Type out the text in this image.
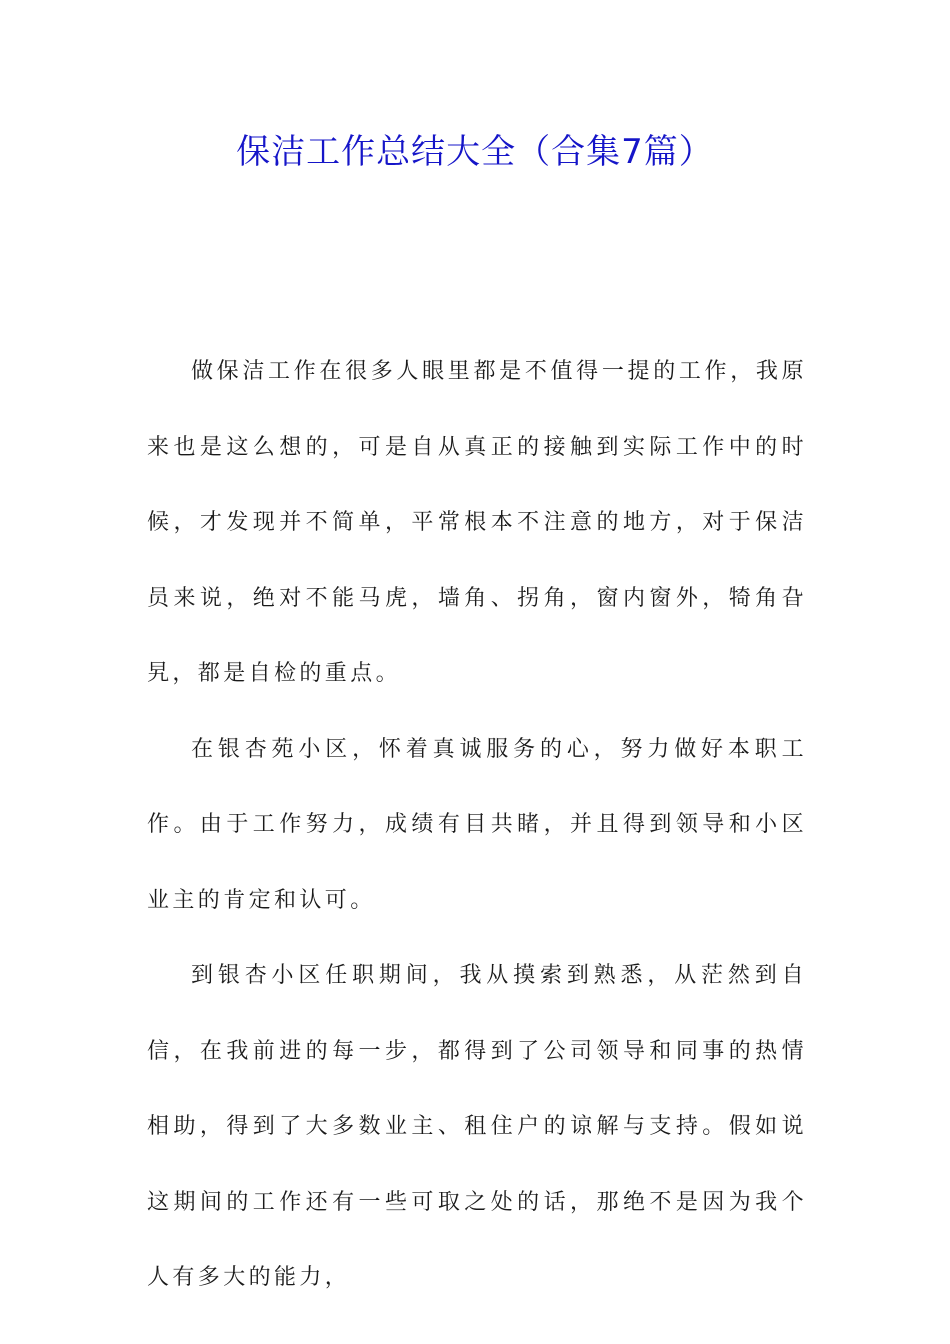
保洁工作总结大全（合集7篇）

做保洁工作在很多人眼里都是不值得一提的工作，我原来也是这么想的，可是自从真正的接触到实际工作中的时候，才发现并不简单，平常根本不注意的地方，对于保洁员来说，绝对不能马虎，墙角、拐角，窗内窗外，犄角旮旯，都是自检的重点。

在银杏苑小区，怀着真诚服务的心，努力做好本职工作。由于工作努力，成绩有目共睹，并且得到领导和小区业主的肯定和认可。

到银杏小区任职期间，我从摸索到熟悉，从茫然到自信，在我前进的每一步，都得到了公司领导和同事的热情相助，得到了大多数业主、租住户的谅解与支持。假如说这期间的工作还有一些可取之处的话，那绝不是因为我个人有多大的能力，
